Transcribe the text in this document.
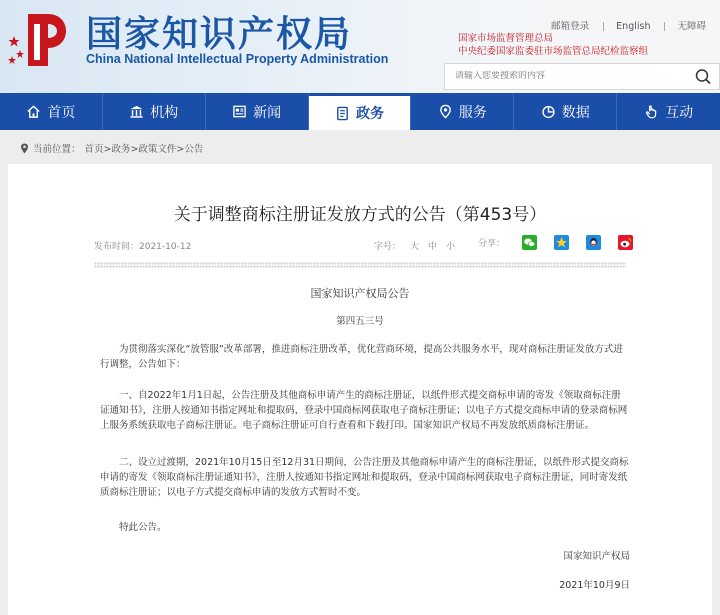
国家知识产权局
China National Intellectual Property Administration
邮箱登录	English	无障碍
国家市场监督管理总局
中央纪委国家监委驻市场监管总局纪检监察组
请输入您要搜索的内容
首页	机构	新闻	政务	服务	数据	互动
当前位置： 首页>政务>政策文件>公告
关于调整商标注册证发放方式的公告（第453号）
发布时间：2021-10-12	字号： 大 中 小	分享：
国家知识产权局公告
第四五三号
为贯彻落实深化“放管服”改革部署，推进商标注册改革，优化营商环境，提高公共服务水平，现对商标注册证发放方式进行调整，公告如下：
一、自2022年1月1日起，公告注册及其他商标申请产生的商标注册证，以纸件形式提交商标申请的寄发《领取商标注册证通知书》，注册人按通知书指定网址和提取码，登录中国商标网获取电子商标注册证；以电子方式提交商标申请的登录商标网上服务系统获取电子商标注册证。电子商标注册证可自行查看和下载打印。国家知识产权局不再发放纸质商标注册证。
二、设立过渡期，2021年10月15日至12月31日期间，公告注册及其他商标申请产生的商标注册证，以纸件形式提交商标申请的寄发《领取商标注册证通知书》，注册人按通知书指定网址和提取码，登录中国商标网获取电子商标注册证，同时寄发纸质商标注册证；以电子方式提交商标申请的发放方式暂时不变。
特此公告。
国家知识产权局
2021年10月9日
